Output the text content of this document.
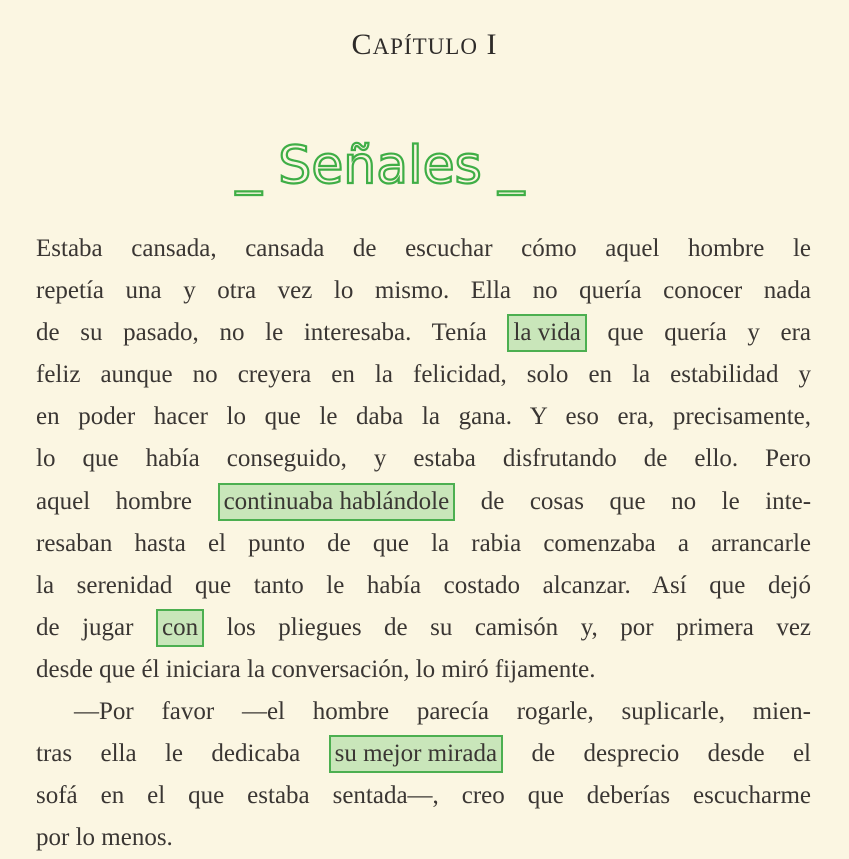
CAPÍTULO I
_ Señales _
Estaba cansada, cansada de escuchar cómo aquel hombre le
repetía una y otra vez lo mismo. Ella no quería conocer nada
de su pasado, no le interesaba. Tenía la vida que quería y era
feliz aunque no creyera en la felicidad, solo en la estabilidad y
en poder hacer lo que le daba la gana. Y eso era, precisamente,
lo que había conseguido, y estaba disfrutando de ello. Pero
aquel hombre continuaba hablándole de cosas que no le inte-
resaban hasta el punto de que la rabia comenzaba a arrancarle
la serenidad que tanto le había costado alcanzar. Así que dejó
de jugar con los pliegues de su camisón y, por primera vez
desde que él iniciara la conversación, lo miró fijamente.
—Por favor —el hombre parecía rogarle, suplicarle, mien-
tras ella le dedicaba su mejor mirada de desprecio desde el
sofá en el que estaba sentada—, creo que deberías escucharme
por lo menos.
